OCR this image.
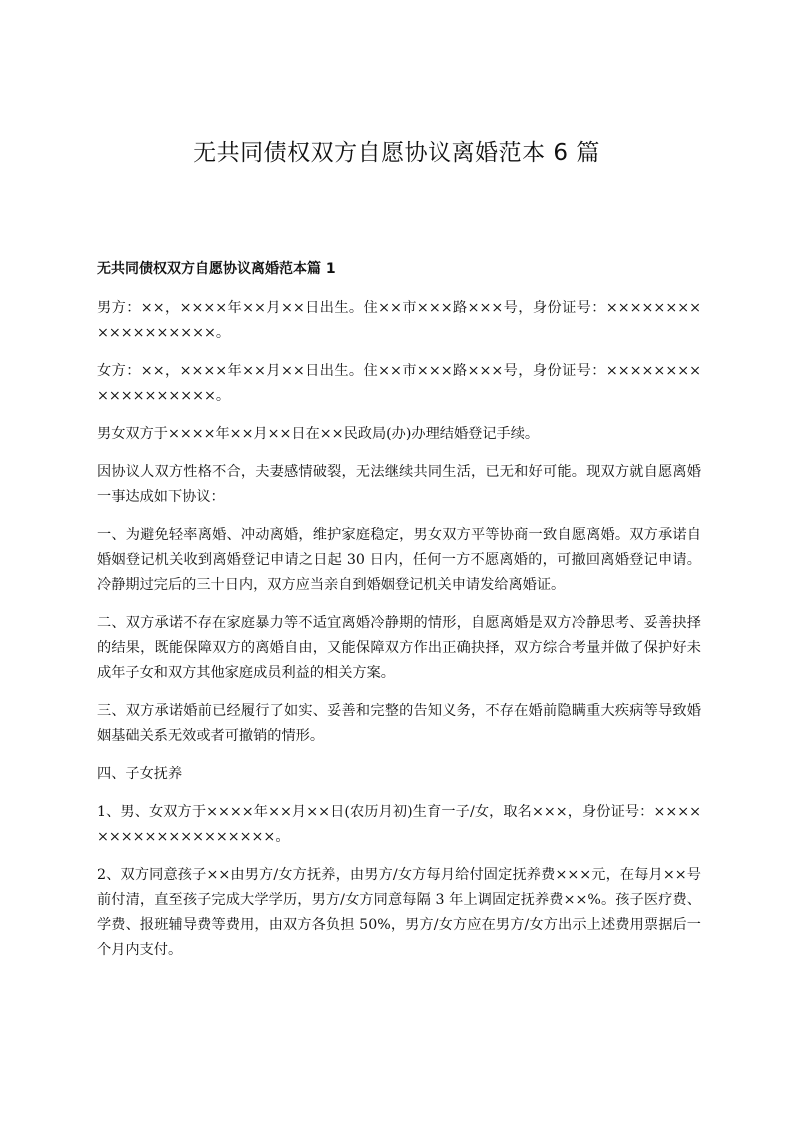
无共同债权双方自愿协议离婚范本 6 篇
无共同债权双方自愿协议离婚范本篇 1

男方：××，××××年××月××日出生。住××市×××路×××号，身份证号：××××××××××××××××××。

女方：××，××××年××月××日出生。住××市×××路×××号，身份证号：××××××××××××××××××。

男女双方于××××年××月××日在××民政局(办)办理结婚登记手续。

因协议人双方性格不合，夫妻感情破裂，无法继续共同生活，已无和好可能。现双方就自愿离婚一事达成如下协议：

一、为避免轻率离婚、冲动离婚，维护家庭稳定，男女双方平等协商一致自愿离婚。双方承诺自婚姻登记机关收到离婚登记申请之日起 30 日内，任何一方不愿离婚的，可撤回离婚登记申请。冷静期过完后的三十日内，双方应当亲自到婚姻登记机关申请发给离婚证。

二、双方承诺不存在家庭暴力等不适宜离婚冷静期的情形，自愿离婚是双方冷静思考、妥善抉择的结果，既能保障双方的离婚自由，又能保障双方作出正确抉择，双方综合考量并做了保护好未成年子女和双方其他家庭成员利益的相关方案。

三、双方承诺婚前已经履行了如实、妥善和完整的告知义务，不存在婚前隐瞒重大疾病等导致婚姻基础关系无效或者可撤销的情形。

四、子女抚养

1、男、女双方于××××年××月××日(农历月初)生育一子/女，取名×××，身份证号：×××××××××××××××××××。

2、双方同意孩子××由男方/女方抚养，由男方/女方每月给付固定抚养费×××元，在每月××号前付清，直至孩子完成大学学历，男方/女方同意每隔 3 年上调固定抚养费××%。孩子医疗费、学费、报班辅导费等费用，由双方各负担 50%，男方/女方应在男方/女方出示上述费用票据后一个月内支付。
